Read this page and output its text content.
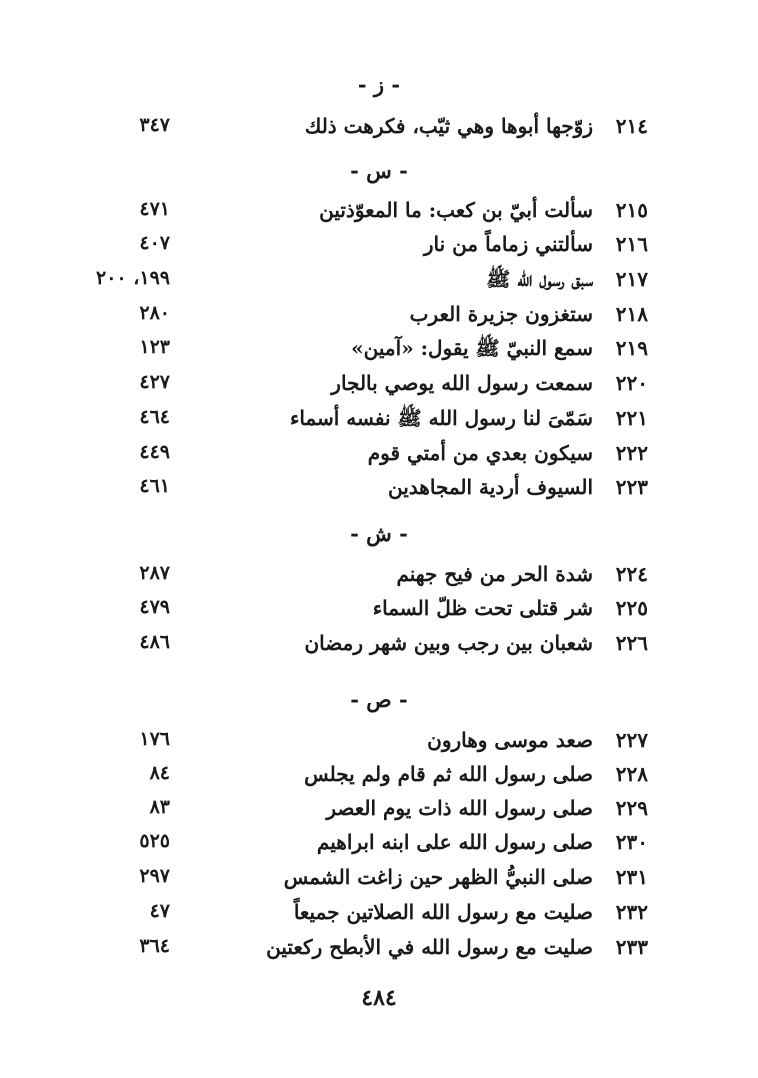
- ز -
٢١٤
زوّجها أبوها وهي ثيّب، فكرهت ذلك
٣٤٧
- س -
٢١٥
سألت أبيّ بن كعب: ما المعوّذتين
٤٧١
٢١٦
سألتني زماماً من نار
٤٠٧
٢١٧
سبق رسول الله ﷺ
١٩٩، ٢٠٠
٢١٨
ستغزون جزيرة العرب
٢٨٠
٢١٩
سمع النبيّ ﷺ يقول: «آمين»
١٢٣
٢٢٠
سمعت رسول الله يوصي بالجار
٤٢٧
٢٢١
سَمّىَ لنا رسول الله ﷺ نفسه أسماء
٤٦٤
٢٢٢
سيكون بعدي من أمتي قوم
٤٤٩
٢٢٣
السيوف أردية المجاهدين
٤٦١
- ش -
٢٢٤
شدة الحر من فيح جهنم
٢٨٧
٢٢٥
شر قتلى تحت ظلّ السماء
٤٧٩
٢٢٦
شعبان بين رجب وبين شهر رمضان
٤٨٦
- ص -
٢٢٧
صعد موسى وهارون
١٧٦
٢٢٨
صلى رسول الله ثم قام ولم يجلس
٨٤
٢٢٩
صلى رسول الله ذات يوم العصر
٨٣
٢٣٠
صلى رسول الله على ابنه ابراهيم
٥٢٥
٢٣١
صلى النبيُّ الظهر حين زاغت الشمس
٢٩٧
٢٣٢
صليت مع رسول الله الصلاتين جميعاً
٤٧
٢٣٣
صليت مع رسول الله في الأبطح ركعتين
٣٦٤
٤٨٤
